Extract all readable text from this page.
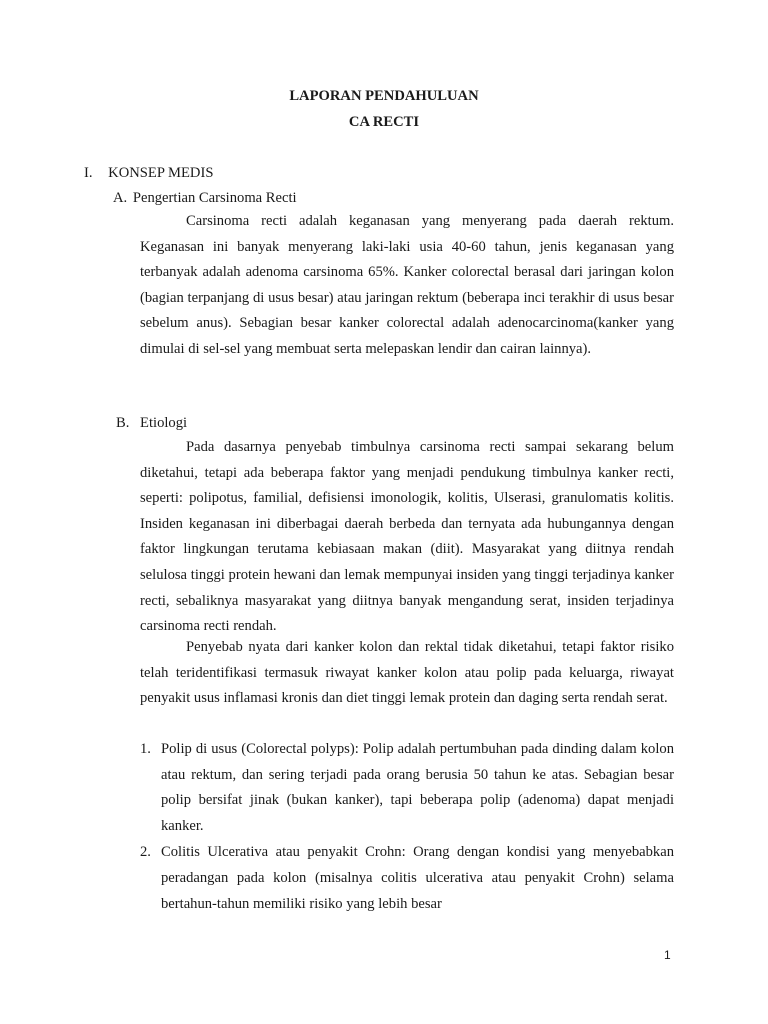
LAPORAN PENDAHULUAN
CA RECTI
I. KONSEP MEDIS
A. Pengertian Carsinoma Recti
Carsinoma recti adalah keganasan yang menyerang pada daerah rektum. Keganasan ini banyak menyerang laki-laki usia 40-60 tahun, jenis keganasan yang terbanyak adalah adenoma carsinoma 65%. Kanker colorectal berasal dari jaringan kolon (bagian terpanjang di usus besar) atau jaringan rektum (beberapa inci terakhir di usus besar sebelum anus). Sebagian besar kanker colorectal adalah adenocarcinoma(kanker yang dimulai di sel-sel yang membuat serta melepaskan lendir dan cairan lainnya).
B. Etiologi
Pada dasarnya penyebab timbulnya carsinoma recti sampai sekarang belum diketahui, tetapi ada beberapa faktor yang menjadi pendukung timbulnya kanker recti, seperti: polipotus, familial, defisiensi imonologik, kolitis, Ulserasi, granulomatis kolitis. Insiden keganasan ini diberbagai daerah berbeda dan ternyata ada hubungannya dengan faktor lingkungan terutama kebiasaan makan (diit). Masyarakat yang diitnya rendah selulosa tinggi protein hewani dan lemak mempunyai insiden yang tinggi terjadinya kanker recti, sebaliknya masyarakat yang diitnya banyak mengandung serat, insiden terjadinya carsinoma recti rendah.
Penyebab nyata dari kanker kolon dan rektal tidak diketahui, tetapi faktor risiko telah teridentifikasi termasuk riwayat kanker kolon atau polip pada keluarga, riwayat penyakit usus inflamasi kronis dan diet tinggi lemak protein dan daging serta rendah serat.
1. Polip di usus (Colorectal polyps): Polip adalah pertumbuhan pada dinding dalam kolon atau rektum, dan sering terjadi pada orang berusia 50 tahun ke atas. Sebagian besar polip bersifat jinak (bukan kanker), tapi beberapa polip (adenoma) dapat menjadi kanker.
2. Colitis Ulcerativa atau penyakit Crohn: Orang dengan kondisi yang menyebabkan peradangan pada kolon (misalnya colitis ulcerativa atau penyakit Crohn) selama bertahun-tahun memiliki risiko yang lebih besar
1
